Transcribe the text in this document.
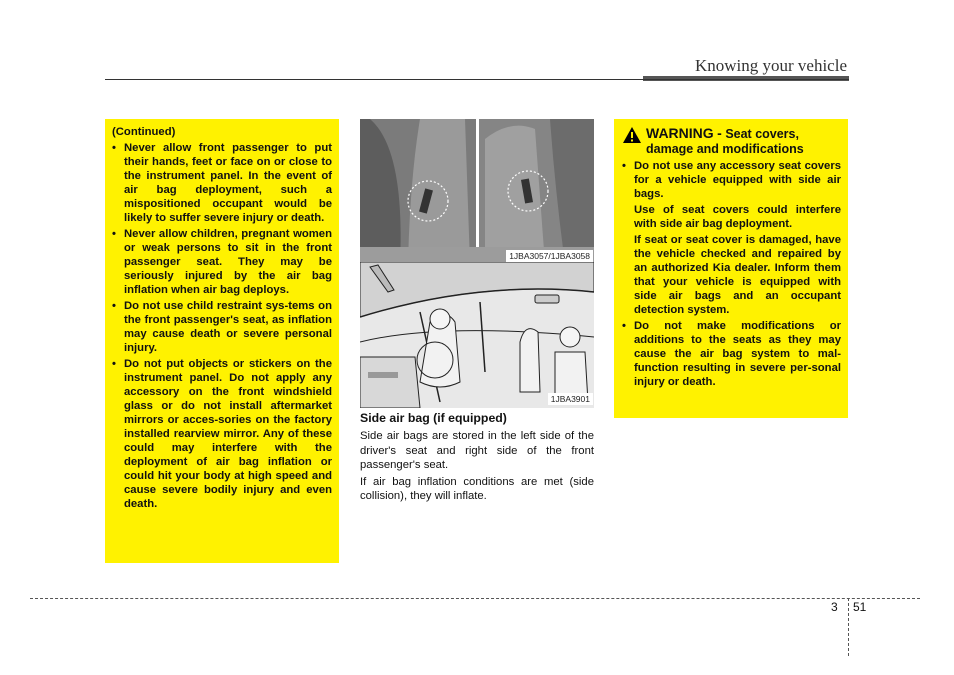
Knowing your vehicle
(Continued)
• Never allow front passenger to put their hands, feet or face on or close to the instrument panel. In the event of air bag deployment, such a mispositioned occupant would be likely to suffer severe injury or death.
• Never allow children, pregnant women or weak persons to sit in the front passenger seat. They may be seriously injured by the air bag inflation when air bag deploys.
• Do not use child restraint sys-tems on the front passenger's seat, as inflation may cause death or severe personal injury.
• Do not put objects or stickers on the instrument panel. Do not apply any accessory on the front windshield glass or do not install aftermarket mirrors or acces-sories on the factory installed rearview mirror. Any of these could may interfere with the deployment of air bag inflation or could hit your body at high speed and cause severe bodily injury and even death.
1JBA3057/1JBA3058
1JBA3901
Side air bag (if equipped)

Side air bags are stored in the left side of the driver's seat and right side of the front passenger's seat.

If air bag inflation conditions are met (side collision), they will inflate.

WARNING - Seat covers, damage and modifications
• Do not use any accessory seat covers for a vehicle equipped with side air bags.
Use of seat covers could interfere with side air bag deployment.
If seat or seat cover is damaged, have the vehicle checked and repaired by an authorized Kia dealer. Inform them that your vehicle is equipped with side air bags and an occupant detection system.
• Do not make modifications or additions to the seats as they may cause the air bag system to mal-function resulting in severe per-sonal injury or death.
3 51
